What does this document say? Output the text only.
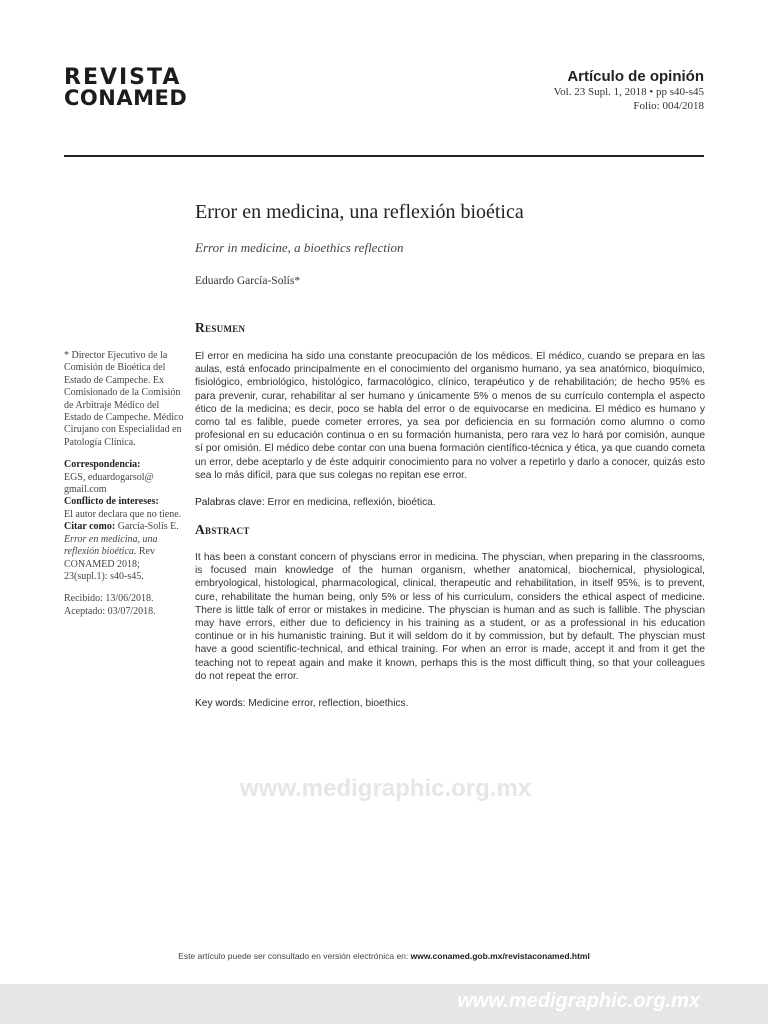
REVISTA
CONAMED
Artículo de opinión
Vol. 23 Supl. 1, 2018 • pp s40-s45
Folio: 004/2018
Error en medicina, una reflexión bioética
Error in medicine, a bioethics reflection
Eduardo García-Solís*
Resumen
El error en medicina ha sido una constante preocupación de los médicos. El médico, cuando se prepara en las aulas, está enfocado principalmente en el conocimiento del organismo humano, ya sea anatómico, bioquímico, fisiológico, embriológico, histológico, farmacológico, clínico, terapéutico y de rehabilitación; de hecho 95% es para prevenir, curar, rehabilitar al ser humano y únicamente 5% o menos de su currículo contempla el aspecto ético de la medicina; es decir, poco se habla del error o de equivocarse en medicina. El médico es humano y como tal es falible, puede cometer errores, ya sea por deficiencia en su formación como alumno o como profesional en su educación continua o en su formación humanista, pero rara vez lo hará por comisión, aunque sí por omisión. El médico debe contar con una buena formación científico-técnica y ética, ya que cuando cometa un error, debe aceptarlo y de éste adquirir conocimiento para no volver a repetirlo y darlo a conocer, quizás esto sea lo más difícil, para que sus colegas no repitan ese error.
Palabras clave: Error en medicina, reflexión, bioética.
Abstract
It has been a constant concern of physcians error in medicina. The physcian, when preparing in the classrooms, is focused main knowledge of the human organism, whether anatomical, biochemical, physiological, embryological, histological, pharmacological, clinical, therapeutic and rehabilitation, in itself 95%, is to prevent, cure, rehabilitate the human being, only 5% or less of his curriculum, considers the ethical aspect of medicine. There is little talk of error or mistakes in medicine. The physcian is human and as such is fallible. The physcian may have errors, either due to deficiency in his training as a student, or as a professional in his education continue or in his humanistic training. But it will seldom do it by commission, but by default. The physcian must have a good scientific-technical, and ethical training. For when an error is made, accept it and from it get the teaching not to repeat again and make it known, perhaps this is the most difficult thing, so that your colleagues do not repeat the error.
Key words: Medicine error, reflection, bioethics.

* Director Ejecutivo de la Comisión de Bioética del Estado de Campeche. Ex Comisionado de la Comisión de Arbitraje Médico del Estado de Campeche. Médico Cirujano con Especialidad en Patología Clínica.

Correspondencia:
EGS, eduardogarsol@ gmail.com

Conflicto de intereses:
El autor declara que no tiene.

Citar como: García-Solís E. Error en medicina, una reflexión bioética. Rev CONAMED 2018; 23(supl.1): s40-s45.

Recibido: 13/06/2018.

Aceptado: 03/07/2018.

www.medigraphic.org.mx
Este artículo puede ser consultado en versión electrónica en: www.conamed.gob.mx/revistaconamed.html
www.medigraphic.org.mx
